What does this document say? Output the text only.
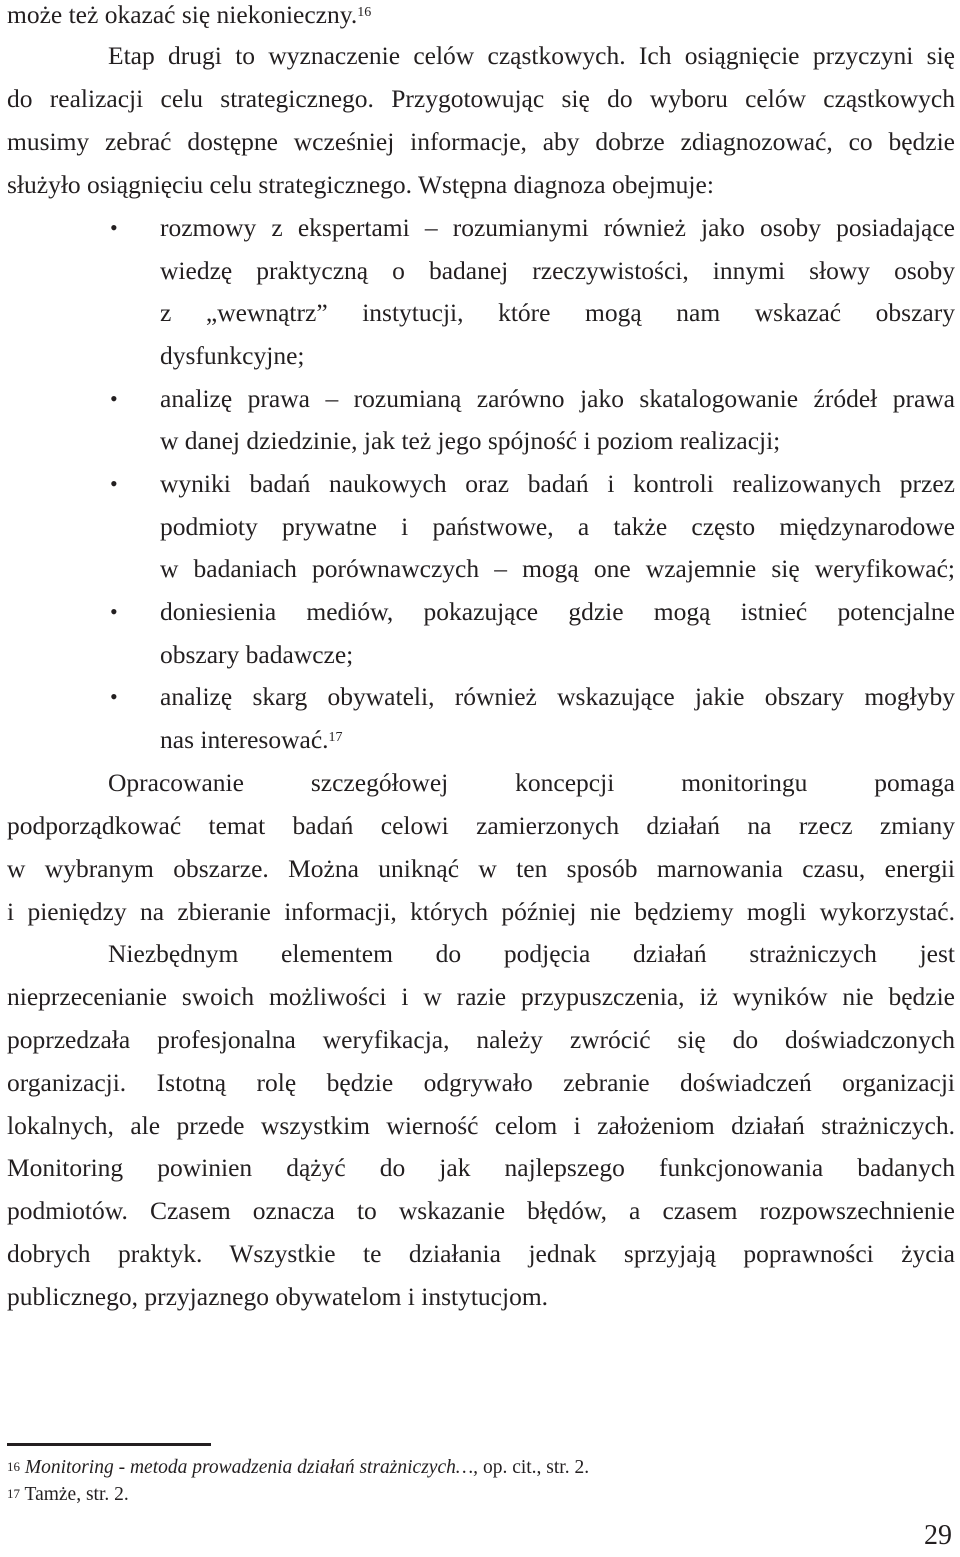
może też okazać się niekonieczny.$^{16}$
Etap drugi to wyznaczenie celów cząstkowych. Ich osiągnięcie przyczyni się
do realizacji celu strategicznego. Przygotowując się do wyboru celów cząstkowych
musimy zebrać dostępne wcześniej informacje, aby dobrze zdiagnozować, co będzie
służyło osiągnięciu celu strategicznego. Wstępna diagnoza obejmuje:
• rozmowy z ekspertami – rozumianymi również jako osoby posiadające
wiedzę praktyczną o badanej rzeczywistości, innymi słowy osoby
z „wewnątrz” instytucji, które mogą nam wskazać obszary
dysfunkcyjne;
• analizę prawa – rozumianą zarówno jako skatalogowanie źródeł prawa
w danej dziedzinie, jak też jego spójność i poziom realizacji;
• wyniki badań naukowych oraz badań i kontroli realizowanych przez
podmioty prywatne i państwowe, a także często międzynarodowe
w badaniach porównawczych – mogą one wzajemnie się weryfikować;
• doniesienia mediów, pokazujące gdzie mogą istnieć potencjalne
obszary badawcze;
• analizę skarg obywateli, również wskazujące jakie obszary mogłyby
nas interesować.$^{17}$
Opracowanie szczegółowej koncepcji monitoringu pomaga
podporządkować temat badań celowi zamierzonych działań na rzecz zmiany
w wybranym obszarze. Można uniknąć w ten sposób marnowania czasu, energii
i pieniędzy na zbieranie informacji, których później nie będziemy mogli wykorzystać.
Niezbędnym elementem do podjęcia działań strażniczych jest
nieprzecenianie swoich możliwości i w razie przypuszczenia, iż wyników nie będzie
poprzedzała profesjonalna weryfikacja, należy zwrócić się do doświadczonych
organizacji. Istotną rolę będzie odgrywało zebranie doświadczeń organizacji
lokalnych, ale przede wszystkim wierność celom i założeniom działań strażniczych.
Monitoring powinien dążyć do jak najlepszego funkcjonowania badanych
podmiotów. Czasem oznacza to wskazanie błędów, a czasem rozpowszechnienie
dobrych praktyk. Wszystkie te działania jednak sprzyjają poprawności życia
publicznego, przyjaznego obywatelom i instytucjom.
$^{16}$ Monitoring - metoda prowadzenia działań strażniczych…, op. cit., str. 2.
$^{17}$ Tamże, str. 2.
29
